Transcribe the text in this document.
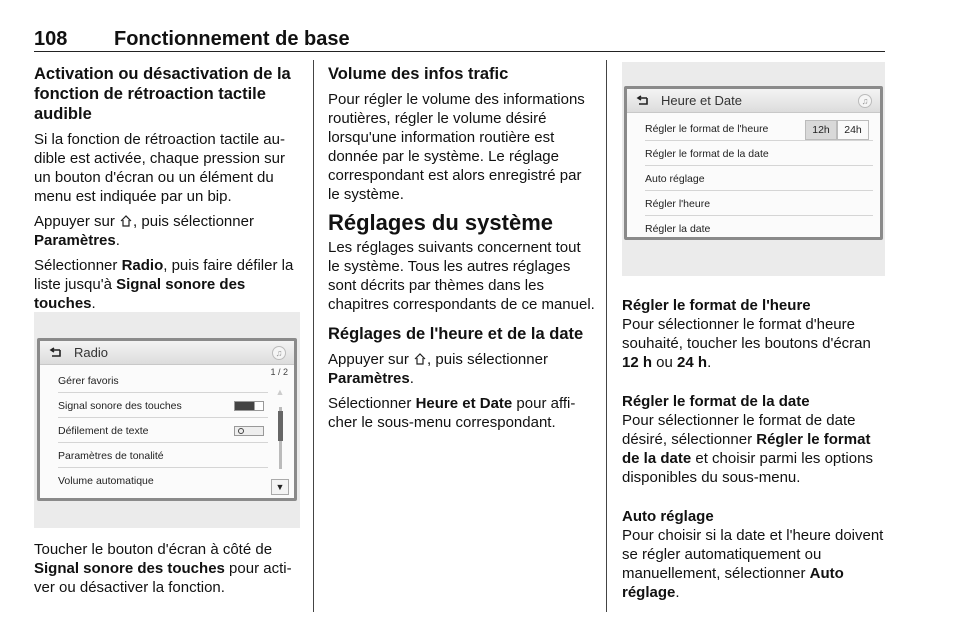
108 Fonctionnement de base
Activation ou désactivation de la fonction de rétroaction tactile audible

Si la fonction de rétroaction tactile audible est activée, chaque pression sur un bouton d'écran ou un élément du menu est indiquée par un bip.

Appuyer sur , puis sélectionner Paramètres.

Sélectionner Radio, puis faire défiler la liste jusqu'à Signal sonore des touches.

Radio	♫
Gérer favoris
Signal sonore des touches
Défilement de texte
Paramètres de tonalité
Volume automatique
1 / 2
▲
▼

Toucher le bouton d'écran à côté de Signal sonore des touches pour activer ou désactiver la fonction.

Volume des infos trafic

Pour régler le volume des informations routières, régler le volume désiré lorsqu'une information routière est donnée par le système. Le réglage correspondant est alors enregistré par le système.

Réglages du système

Les réglages suivants concernent tout le système. Tous les autres réglages sont décrits par thèmes dans les chapitres correspondants de ce manuel.

Réglages de l'heure et de la date

Appuyer sur , puis sélectionner Paramètres.

Sélectionner Heure et Date pour afficher le sous-menu correspondant.

Heure et Date	♫
Régler le format de l'heure	12h	24h
Régler le format de la date
Auto réglage
Régler l'heure
Régler la date
Régler le format de l'heure

Pour sélectionner le format d'heure souhaité, toucher les boutons d'écran 12 h ou 24 h.

Régler le format de la date

Pour sélectionner le format de date désiré, sélectionner Régler le format de la date et choisir parmi les options disponibles du sous-menu.

Auto réglage

Pour choisir si la date et l'heure doivent se régler automatiquement ou manuellement, sélectionner Auto réglage.
